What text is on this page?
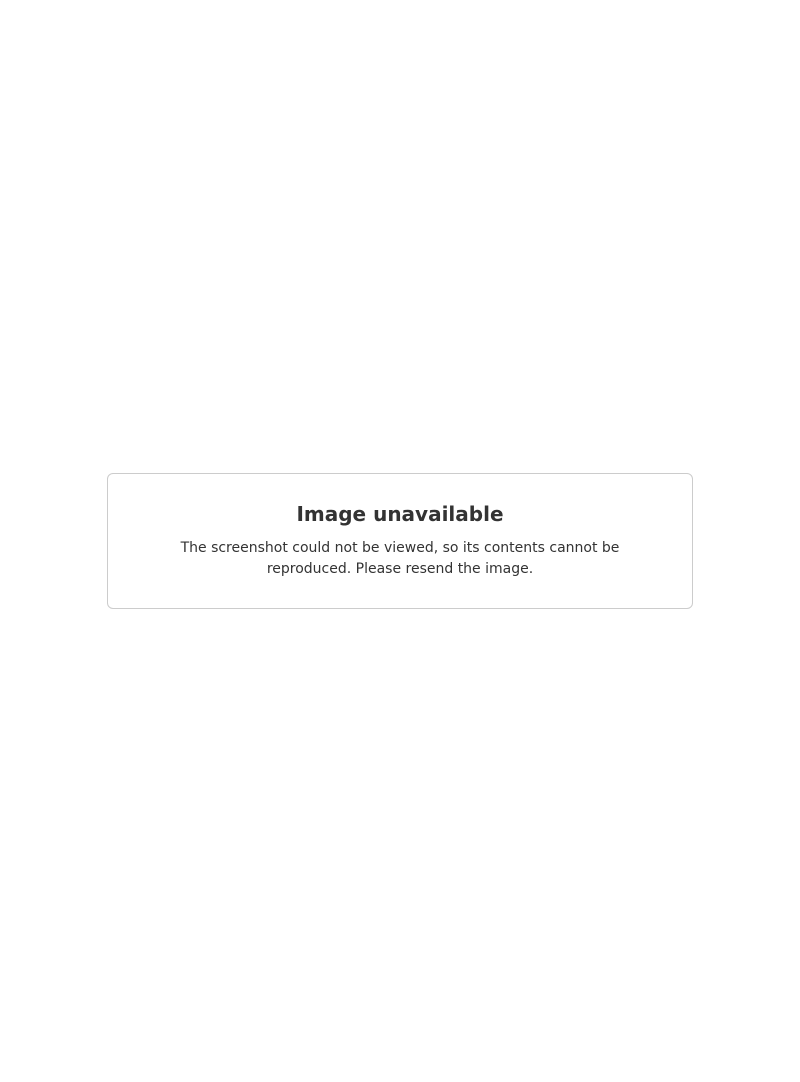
Image unavailable

The screenshot could not be viewed, so its contents cannot be reproduced. Please resend the image.
